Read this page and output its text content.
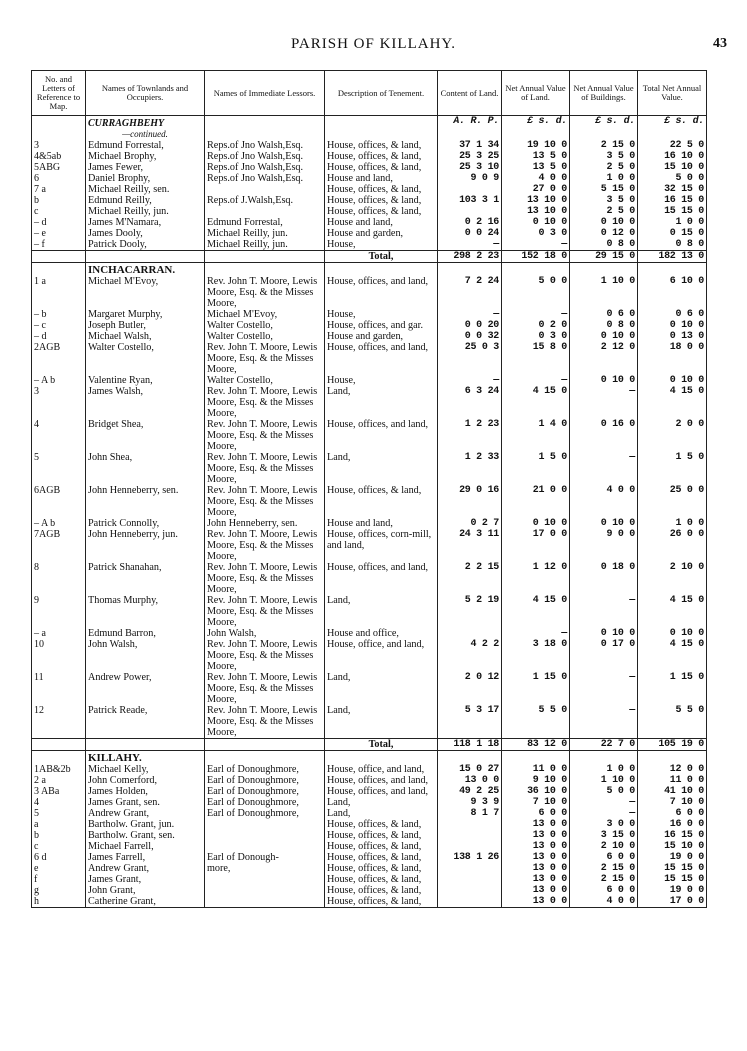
PARISH OF KILLAHY.	43
No. and Letters of Reference to Map.	Names of Townlands and Occupiers.	Names of Immediate Lessors.	Description of Tenement.	Content of Land.	Net Annual Value of Land.	Net Annual Value of Buildings.	Total Net Annual Value.
	CURRAGHBEHY
—continued.			A. R. P.	£ s. d.	£ s. d.	£ s. d.
3	Edmund Forrestal,	Reps.of Jno Walsh,Esq.	House, offices, & land,	37 1 34	19 10 0	2 15 0	22 5 0
4&5ab	Michael Brophy,	Reps.of Jno Walsh,Esq.	House, offices, & land,	25 3 25	13 5 0	3 5 0	16 10 0
5ABG	James Fewer,	Reps.of Jno Walsh,Esq.	House, offices, & land,	25 3 10	13 5 0	2 5 0	15 10 0
6	Daniel Brophy,	Reps.of Jno Walsh,Esq.	House and land,	9 0 9	4 0 0	1 0 0	5 0 0
7 a	Michael Reilly, sen.		House, offices, & land,		27 0 0	5 15 0	32 15 0
b	Edmund Reilly,	Reps.of J.Walsh,Esq.	House, offices, & land,	103 3 1	13 10 0	3 5 0	16 15 0
c	Michael Reilly, jun.		House, offices, & land,		13 10 0	2 5 0	15 15 0
– d	James M'Namara,	Edmund Forrestal,	House and land,	0 2 16	0 10 0	0 10 0	1 0 0
– e	James Dooly,	Michael Reilly, jun.	House and garden,	0 0 24	0 3 0	0 12 0	0 15 0
– f	Patrick Dooly,	Michael Reilly, jun.	House,	—	—	0 8 0	0 8 0
			Total,	298 2 23	152 18 0	29 15 0	182 13 0
	INCHACARRAN.						
1 a	Michael M'Evoy,	Rev. John T. Moore, Lewis Moore, Esq. & the Misses Moore,	House, offices, and land,	7 2 24	5 0 0	1 10 0	6 10 0
– b	Margaret Murphy,	Michael M'Evoy,	House,	—	—	0 6 0	0 6 0
– c	Joseph Butler,	Walter Costello,	House, offices, and gar.	0 0 20	0 2 0	0 8 0	0 10 0
– d	Michael Walsh,	Walter Costello,	House and garden,	0 0 32	0 3 0	0 10 0	0 13 0
2AGB	Walter Costello,	Rev. John T. Moore, Lewis Moore, Esq. & the Misses Moore,	House, offices, and land,	25 0 3	15 8 0	2 12 0	18 0 0
– A b	Valentine Ryan,	Walter Costello,	House,	—	—	0 10 0	0 10 0
3	James Walsh,	Rev. John T. Moore, Lewis Moore, Esq. & the Misses Moore,	Land,	6 3 24	4 15 0	—	4 15 0
4	Bridget Shea,	Rev. John T. Moore, Lewis Moore, Esq. & the Misses Moore,	House, offices, and land,	1 2 23	1 4 0	0 16 0	2 0 0
5	John Shea,	Rev. John T. Moore, Lewis Moore, Esq. & the Misses Moore,	Land,	1 2 33	1 5 0	—	1 5 0
6AGB	John Henneberry, sen.	Rev. John T. Moore, Lewis Moore, Esq. & the Misses Moore,	House, offices, & land,	29 0 16	21 0 0	4 0 0	25 0 0
– A b	Patrick Connolly,	John Henneberry, sen.	House and land,	0 2 7	0 10 0	0 10 0	1 0 0
7AGB	John Henneberry, jun.	Rev. John T. Moore, Lewis Moore, Esq. & the Misses Moore,	House, offices, corn-mill, and land,	24 3 11	17 0 0	9 0 0	26 0 0
8	Patrick Shanahan,	Rev. John T. Moore, Lewis Moore, Esq. & the Misses Moore,	House, offices, and land,	2 2 15	1 12 0	0 18 0	2 10 0
9	Thomas Murphy,	Rev. John T. Moore, Lewis Moore, Esq. & the Misses Moore,	Land,	5 2 19	4 15 0	—	4 15 0
– a	Edmund Barron,	John Walsh,	House and office,		—	0 10 0	0 10 0
10	John Walsh,	Rev. John T. Moore, Lewis Moore, Esq. & the Misses Moore,	House, office, and land,	4 2 2	3 18 0	0 17 0	4 15 0
11	Andrew Power,	Rev. John T. Moore, Lewis Moore, Esq. & the Misses Moore,	Land,	2 0 12	1 15 0	—	1 15 0
12	Patrick Reade,	Rev. John T. Moore, Lewis Moore, Esq. & the Misses Moore,	Land,	5 3 17	5 5 0	—	5 5 0
			Total,	118 1 18	83 12 0	22 7 0	105 19 0
	KILLAHY.						
1AB&2b	Michael Kelly,	Earl of Donoughmore,	House, office, and land,	15 0 27	11 0 0	1 0 0	12 0 0
2 a	John Comerford,	Earl of Donoughmore,	House, offices, and land,	13 0 0	9 10 0	1 10 0	11 0 0
3 ABa	James Holden,	Earl of Donoughmore,	House, offices, and land,	49 2 25	36 10 0	5 0 0	41 10 0
4	James Grant, sen.	Earl of Donoughmore,	Land,	9 3 9	7 10 0	—	7 10 0
5	Andrew Grant,	Earl of Donoughmore,	Land,	8 1 7	6 0 0	—	6 0 0
a	Bartholw. Grant, jun.		House, offices, & land,		13 0 0	3 0 0	16 0 0
b	Bartholw. Grant, sen.		House, offices, & land,		13 0 0	3 15 0	16 15 0
c	Michael Farrell,		House, offices, & land,		13 0 0	2 10 0	15 10 0
6 d	James Farrell,	Earl of Donough-	House, offices, & land,	138 1 26	13 0 0	6 0 0	19 0 0
e	Andrew Grant,	more,	House, offices, & land,		13 0 0	2 15 0	15 15 0
f	James Grant,		House, offices, & land,		13 0 0	2 15 0	15 15 0
g	John Grant,		House, offices, & land,		13 0 0	6 0 0	19 0 0
h	Catherine Grant,		House, offices, & land,		13 0 0	4 0 0	17 0 0
